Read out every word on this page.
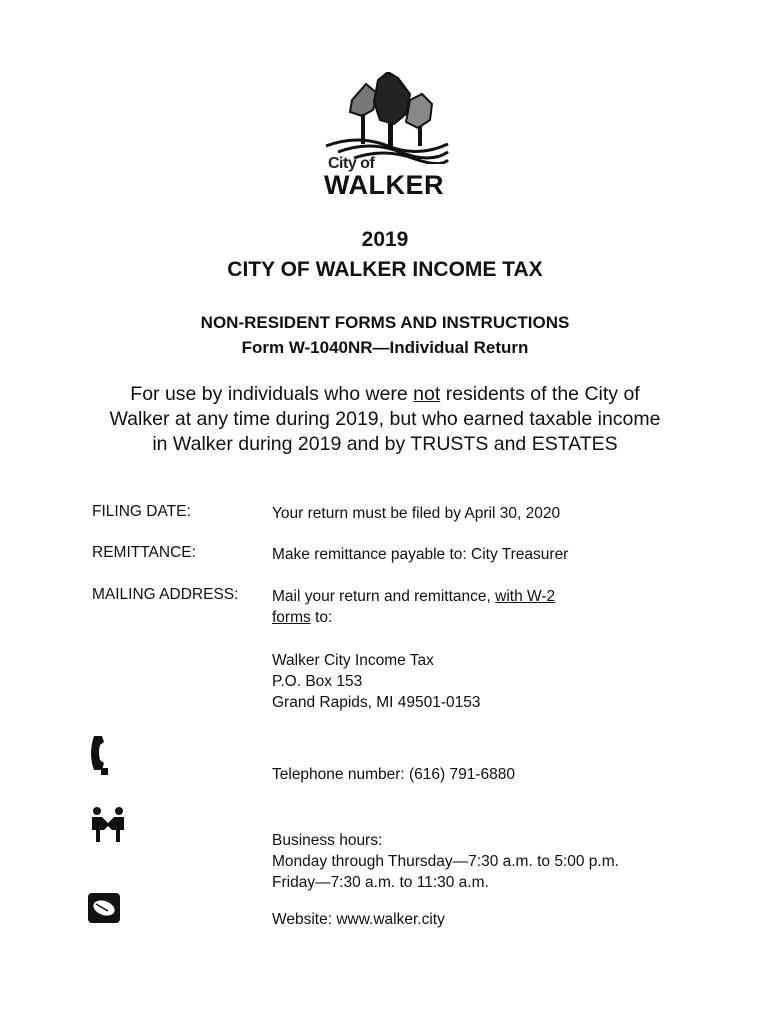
City of
WALKER
2019
CITY OF WALKER INCOME TAX
NON-RESIDENT FORMS AND INSTRUCTIONS
Form W-1040NR—Individual Return
For use by individuals who were not residents of the City of
Walker at any time during 2019, but who earned taxable income
in Walker during 2019 and by TRUSTS and ESTATES
FILING DATE:	Your return must be filed by April 30, 2020
REMITTANCE:	Make remittance payable to: City Treasurer
MAILING ADDRESS: Mail your return and remittance, with W-2
forms to:
Walker City Income Tax
P.O. Box 153
Grand Rapids, MI 49501-0153
Telephone number: (616) 791-6880
Business hours:
Monday through Thursday—7:30 a.m. to 5:00 p.m.
Friday—7:30 a.m. to 11:30 a.m.
Website: www.walker.city
